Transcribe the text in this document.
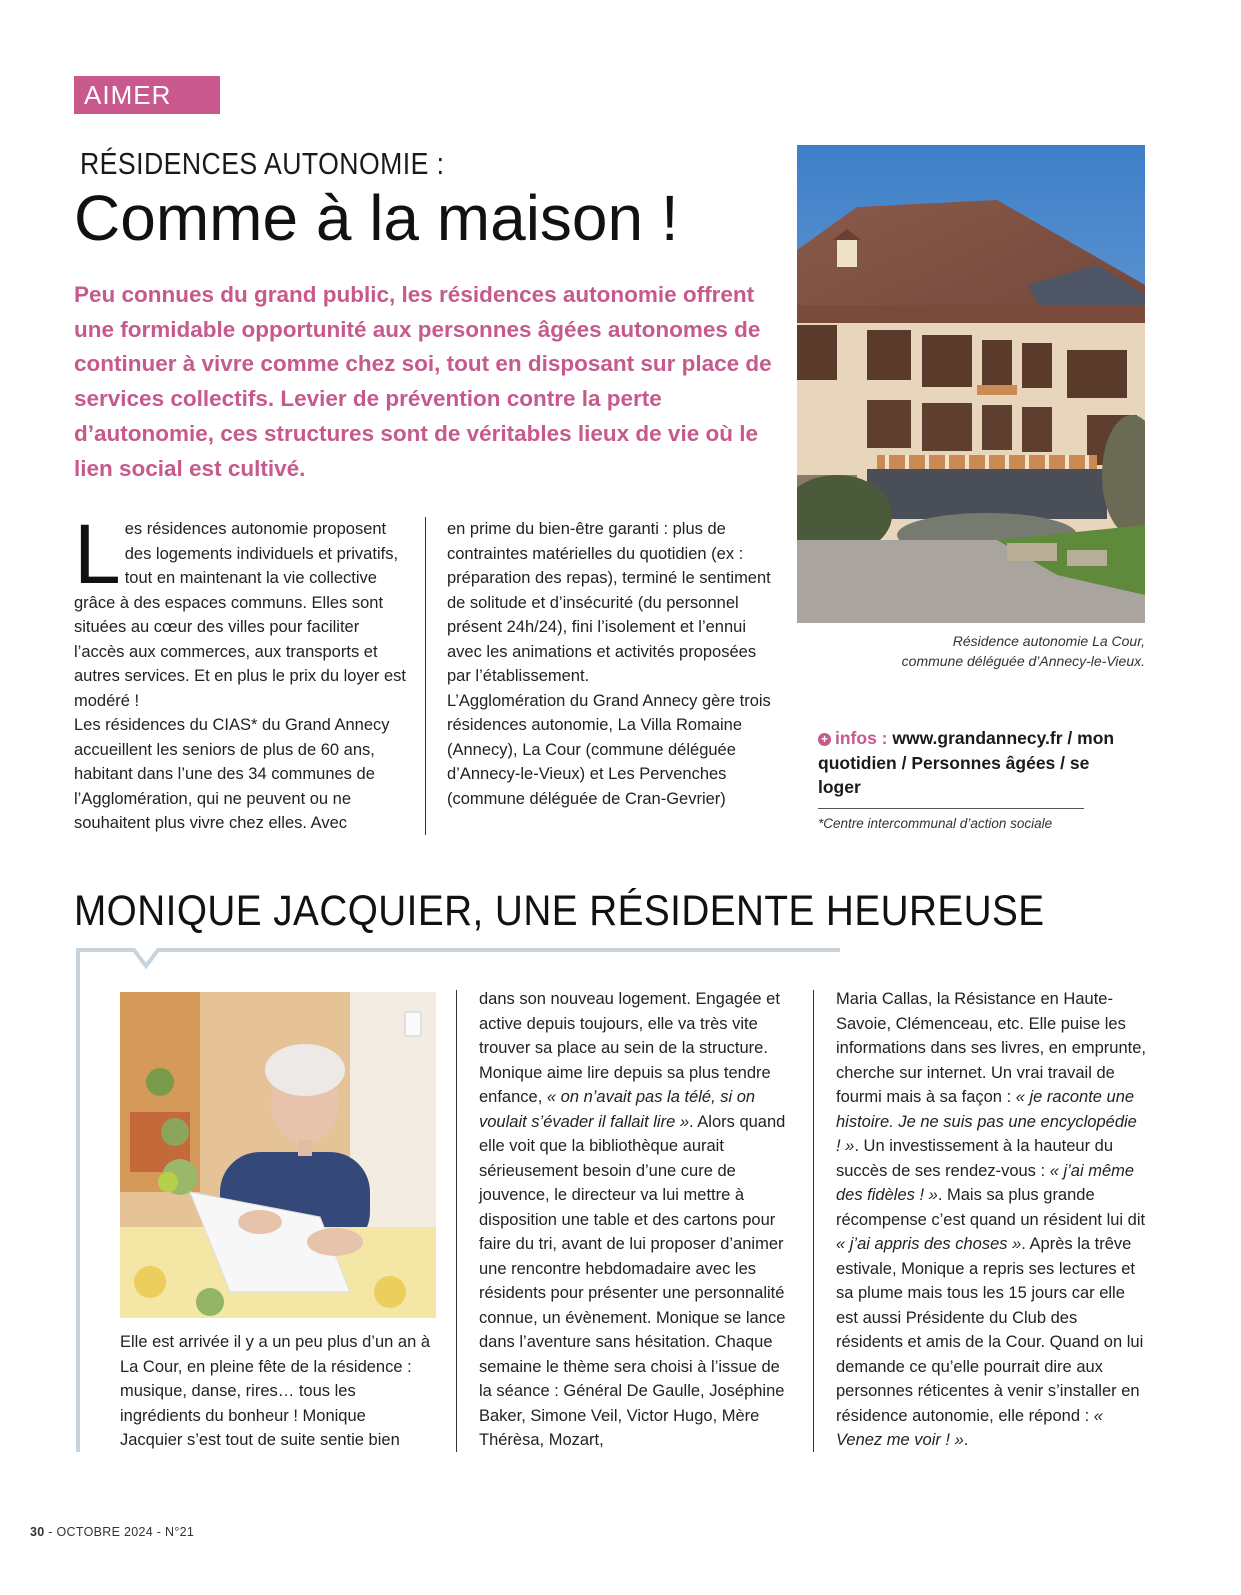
AIMER
RÉSIDENCES AUTONOMIE :
Comme à la maison !
Peu connues du grand public, les résidences autonomie offrent une formidable opportunité aux personnes âgées autonomes de continuer à vivre comme chez soi, tout en disposant sur place de services collectifs. Levier de prévention contre la perte d’autonomie, ces structures sont de véritables lieux de vie où le lien social est cultivé.
L es résidences autonomie proposent des logements individuels et privatifs, tout en maintenant la vie collective grâce à des espaces communs. Elles sont situées au cœur des villes pour faciliter l’accès aux commerces, aux transports et autres services. Et en plus le prix du loyer est modéré !
Les résidences du CIAS* du Grand Annecy accueillent les seniors de plus de 60 ans, habitant dans l’une des 34 communes de l’Agglomération, qui ne peuvent ou ne souhaitent plus vivre chez elles. Avec
en prime du bien-être garanti : plus de contraintes matérielles du quotidien (ex : préparation des repas), terminé le sentiment de solitude et d’insécurité (du personnel présent 24h/24), fini l’isolement et l’ennui avec les animations et activités proposées par l’établissement.
L’Agglomération du Grand Annecy gère trois résidences autonomie, La Villa Romaine (Annecy), La Cour (commune déléguée d’Annecy-le-Vieux) et Les Pervenches (commune déléguée de Cran-Gevrier)
Résidence autonomie La Cour,
commune déléguée d’Annecy-le-Vieux.
+ infos : www.grandannecy.fr / mon quotidien / Personnes âgées / se loger
*Centre intercommunal d’action sociale
MONIQUE JACQUIER, UNE RÉSIDENTE HEUREUSE
Elle est arrivée il y a un peu plus d’un an à La Cour, en pleine fête de la résidence : musique, danse, rires… tous les ingrédients du bonheur ! Monique Jacquier s’est tout de suite sentie bien
dans son nouveau logement. Engagée et active depuis toujours, elle va très vite trouver sa place au sein de la structure. Monique aime lire depuis sa plus tendre enfance, « on n’avait pas la télé, si on voulait s’évader il fallait lire ». Alors quand elle voit que la bibliothèque aurait sérieusement besoin d’une cure de jouvence, le directeur va lui mettre à disposition une table et des cartons pour faire du tri, avant de lui proposer d’animer une rencontre hebdomadaire avec les résidents pour présenter une personnalité connue, un évènement. Monique se lance dans l’aventure sans hésitation. Chaque semaine le thème sera choisi à l’issue de la séance : Général De Gaulle, Joséphine Baker, Simone Veil, Victor Hugo, Mère Thérèsa, Mozart,
Maria Callas, la Résistance en Haute-Savoie, Clémenceau, etc. Elle puise les informations dans ses livres, en emprunte, cherche sur internet. Un vrai travail de fourmi mais à sa façon : « je raconte une histoire. Je ne suis pas une encyclopédie ! ». Un investissement à la hauteur du succès de ses rendez-vous : « j’ai même des fidèles ! ». Mais sa plus grande récompense c’est quand un résident lui dit « j’ai appris des choses ». Après la trêve estivale, Monique a repris ses lectures et sa plume mais tous les 15 jours car elle est aussi Présidente du Club des résidents et amis de la Cour. Quand on lui demande ce qu’elle pourrait dire aux personnes réticentes à venir s’installer en résidence autonomie, elle répond : « Venez me voir ! ».
30 - OCTOBRE 2024 - N°21
